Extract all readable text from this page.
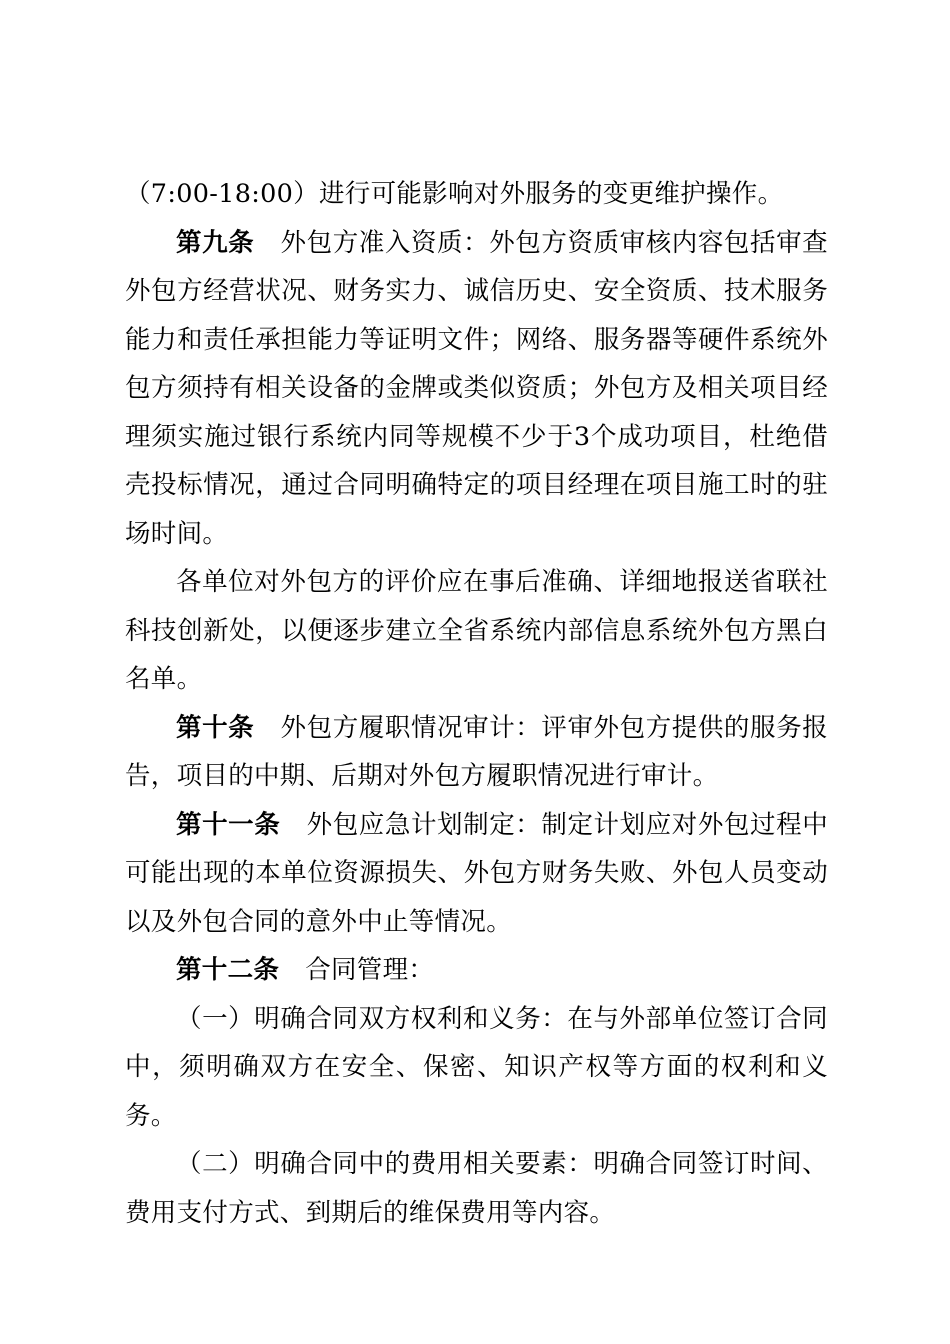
（7:00-18:00）进行可能影响对外服务的变更维护操作。

第九条 外包方准入资质：外包方资质审核内容包括审查外包方经营状况、财务实力、诚信历史、安全资质、技术服务能力和责任承担能力等证明文件；网络、服务器等硬件系统外包方须持有相关设备的金牌或类似资质；外包方及相关项目经理须实施过银行系统内同等规模不少于3个成功项目，杜绝借壳投标情况，通过合同明确特定的项目经理在项目施工时的驻场时间。

各单位对外包方的评价应在事后准确、详细地报送省联社科技创新处，以便逐步建立全省系统内部信息系统外包方黑白名单。

第十条 外包方履职情况审计：评审外包方提供的服务报告，项目的中期、后期对外包方履职情况进行审计。

第十一条 外包应急计划制定：制定计划应对外包过程中可能出现的本单位资源损失、外包方财务失败、外包人员变动以及外包合同的意外中止等情况。

第十二条 合同管理：

（一）明确合同双方权利和义务：在与外部单位签订合同中，须明确双方在安全、保密、知识产权等方面的权利和义务。

（二）明确合同中的费用相关要素：明确合同签订时间、费用支付方式、到期后的维保费用等内容。
